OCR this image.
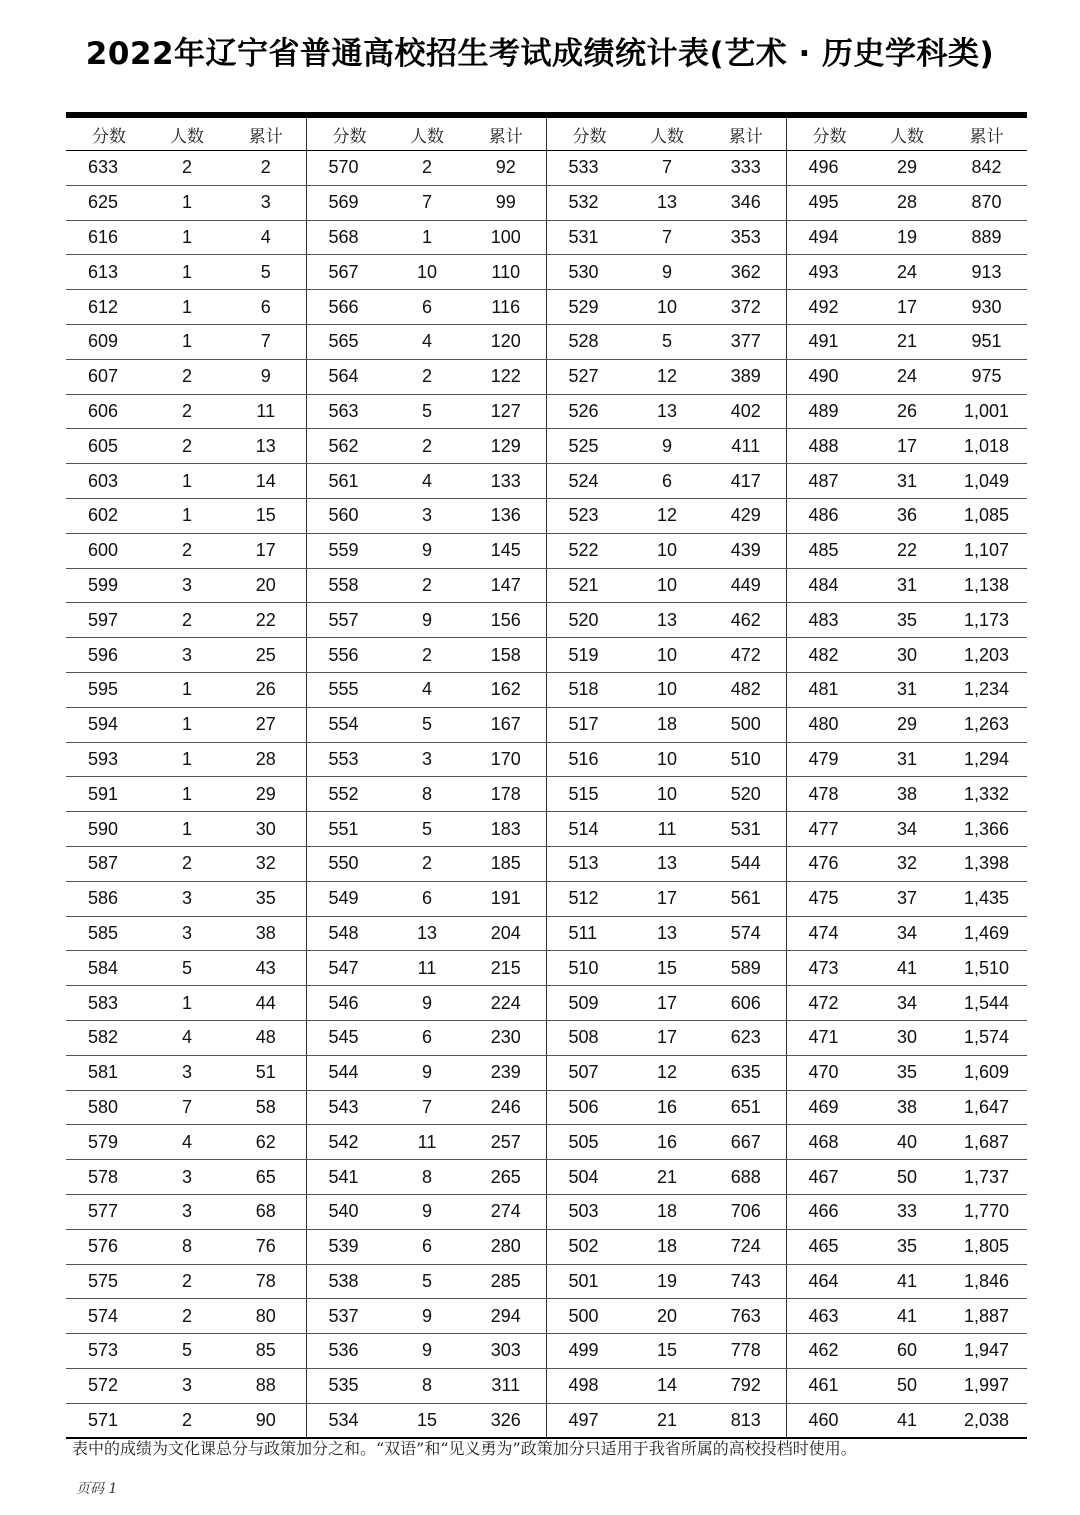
2022年辽宁省普通高校招生考试成绩统计表(艺术 · 历史学科类)
分数	人数	累计	分数	人数	累计	分数	人数	累计	分数	人数	累计
633	2	2	570	2	92	533	7	333	496	29	842
625	1	3	569	7	99	532	13	346	495	28	870
616	1	4	568	1	100	531	7	353	494	19	889
613	1	5	567	10	110	530	9	362	493	24	913
612	1	6	566	6	116	529	10	372	492	17	930
609	1	7	565	4	120	528	5	377	491	21	951
607	2	9	564	2	122	527	12	389	490	24	975
606	2	11	563	5	127	526	13	402	489	26	1,001
605	2	13	562	2	129	525	9	411	488	17	1,018
603	1	14	561	4	133	524	6	417	487	31	1,049
602	1	15	560	3	136	523	12	429	486	36	1,085
600	2	17	559	9	145	522	10	439	485	22	1,107
599	3	20	558	2	147	521	10	449	484	31	1,138
597	2	22	557	9	156	520	13	462	483	35	1,173
596	3	25	556	2	158	519	10	472	482	30	1,203
595	1	26	555	4	162	518	10	482	481	31	1,234
594	1	27	554	5	167	517	18	500	480	29	1,263
593	1	28	553	3	170	516	10	510	479	31	1,294
591	1	29	552	8	178	515	10	520	478	38	1,332
590	1	30	551	5	183	514	11	531	477	34	1,366
587	2	32	550	2	185	513	13	544	476	32	1,398
586	3	35	549	6	191	512	17	561	475	37	1,435
585	3	38	548	13	204	511	13	574	474	34	1,469
584	5	43	547	11	215	510	15	589	473	41	1,510
583	1	44	546	9	224	509	17	606	472	34	1,544
582	4	48	545	6	230	508	17	623	471	30	1,574
581	3	51	544	9	239	507	12	635	470	35	1,609
580	7	58	543	7	246	506	16	651	469	38	1,647
579	4	62	542	11	257	505	16	667	468	40	1,687
578	3	65	541	8	265	504	21	688	467	50	1,737
577	3	68	540	9	274	503	18	706	466	33	1,770
576	8	76	539	6	280	502	18	724	465	35	1,805
575	2	78	538	5	285	501	19	743	464	41	1,846
574	2	80	537	9	294	500	20	763	463	41	1,887
573	5	85	536	9	303	499	15	778	462	60	1,947
572	3	88	535	8	311	498	14	792	461	50	1,997
571	2	90	534	15	326	497	21	813	460	41	2,038
表中的成绩为文化课总分与政策加分之和。“双语”和“见义勇为”政策加分只适用于我省所属的高校投档时使用。
页码 1
